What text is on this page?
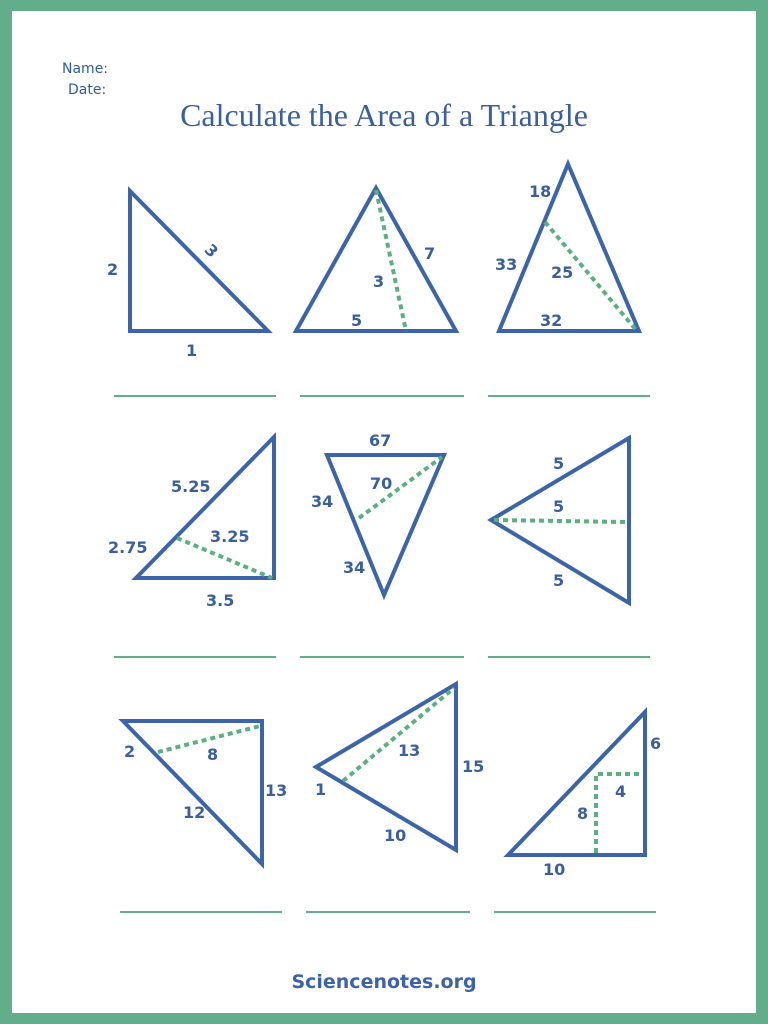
Name:
Date:
Calculate the Area of a Triangle
Sciencenotes.org
2
3
1
7
3
5
18
33 25
32
5.25
2.75
3.25
3.5
67
70
34
34
5
5
5
2	8
12
13
13
15
1
10
6
4
8
10
